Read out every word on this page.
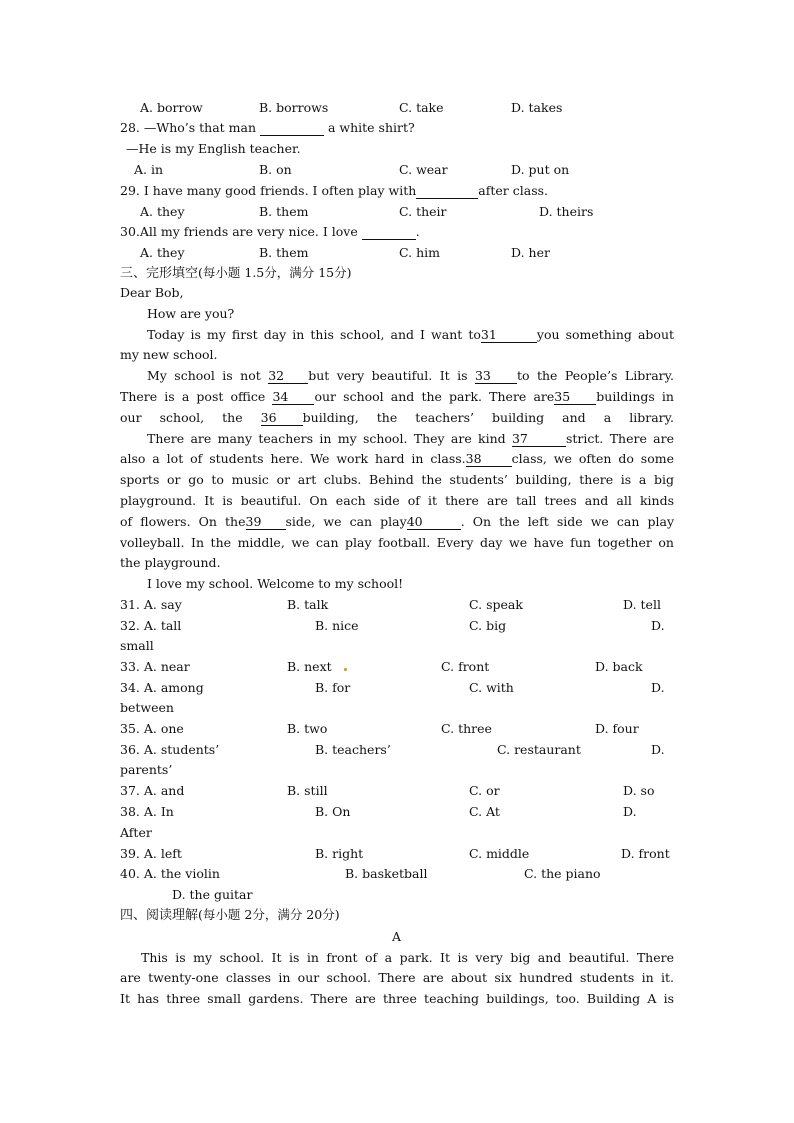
A. borrow	B. borrows	C. take	D. takes
28. —Who’s that man	a white shirt?
—He is my English teacher.
A. in	B. on	C. wear	D. put on
29. I have many good friends. I often play with	after class.
A. they	B. them	C. their	D. theirs
30.All my friends are very nice. I love	.
A. they	B. them	C. him	D. her
三、完形填空(每小题 1.5分，满分 15分)
Dear Bob,
How are you?
Today is my first day in this school, and I want to31	you something about
my new school.
My school is not 32 but very beautiful. It is 33 to the People’s Library.
There is a post office 34 our school and the park. There are35 buildings in
our school, the 36 building, the teachers’ building and a library.
There are many teachers in my school. They are kind 37	strict. There are
also a lot of students here. We work hard in class.38 class, we often do some
sports or go to music or art clubs. Behind the students’ building, there is a big
playground. It is beautiful. On each side of it there are tall trees and all kinds
of flowers. On the39 side, we can play40	. On the left side we can play
volleyball. In the middle, we can play football. Every day we have fun together on
the playground.
I love my school. Welcome to my school!
31. A. say	B. talk	C. speak	D. tell
32. A. tall	B. nice	C. big	D.
small
33. A. near	B. next	C. front	D. back
34. A. among	B. for	C. with	D.
between
35. A. one	B. two	C. three	D. four
36. A. students’	B. teachers’	C. restaurant	D.
parents’
37. A. and	B. still	C. or	D. so
38. A. In	B. On	C. At	D.
After
39. A. left	B. right	C. middle	D. front
40. A. the violin	B. basketball	C. the piano
D. the guitar
四、阅读理解(每小题 2分，满分 20分)
A
This is my school. It is in front of a park. It is very big and beautiful. There
are twenty-one classes in our school. There are about six hundred students in it.
It has three small gardens. There are three teaching buildings, too. Building A is
